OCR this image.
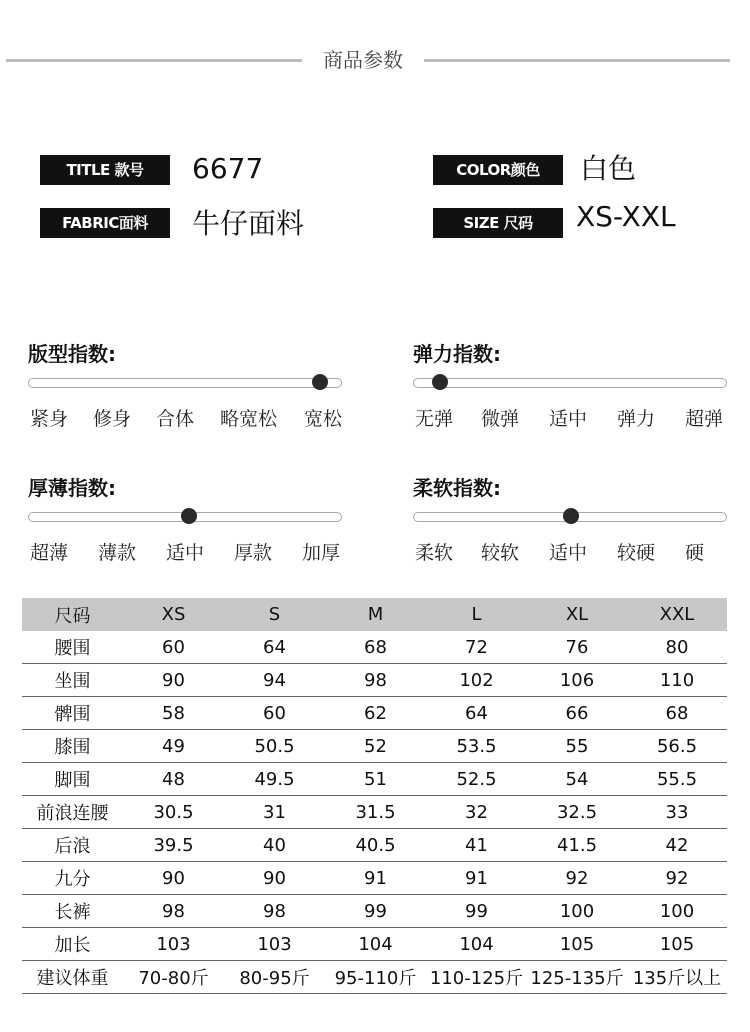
商品参数
TITLE 款号	6677	COLOR颜色	白色
FABRIC面料	牛仔面料	SIZE 尺码	XS-XXL
版型指数:
紧身 修身 合体 略宽松 宽松
弹力指数:
无弹 微弹 适中 弹力 超弹
厚薄指数:
超薄 薄款 适中 厚款 加厚
柔软指数:
柔软 较软 适中 较硬 硬
尺码	XS	S	M	L	XL	XXL
腰围	60	64	68	72	76	80
坐围	90	94	98	102	106	110
髀围	58	60	62	64	66	68
膝围	49	50.5	52	53.5	55	56.5
脚围	48	49.5	51	52.5	54	55.5
前浪连腰	30.5	31	31.5	32	32.5	33
后浪	39.5	40	40.5	41	41.5	42
九分	90	90	91	91	92	92
长裤	98	98	99	99	100	100
加长	103	103	104	104	105	105
建议体重	70-80斤	80-95斤	95-110斤	110-125斤	125-135斤	135斤以上
